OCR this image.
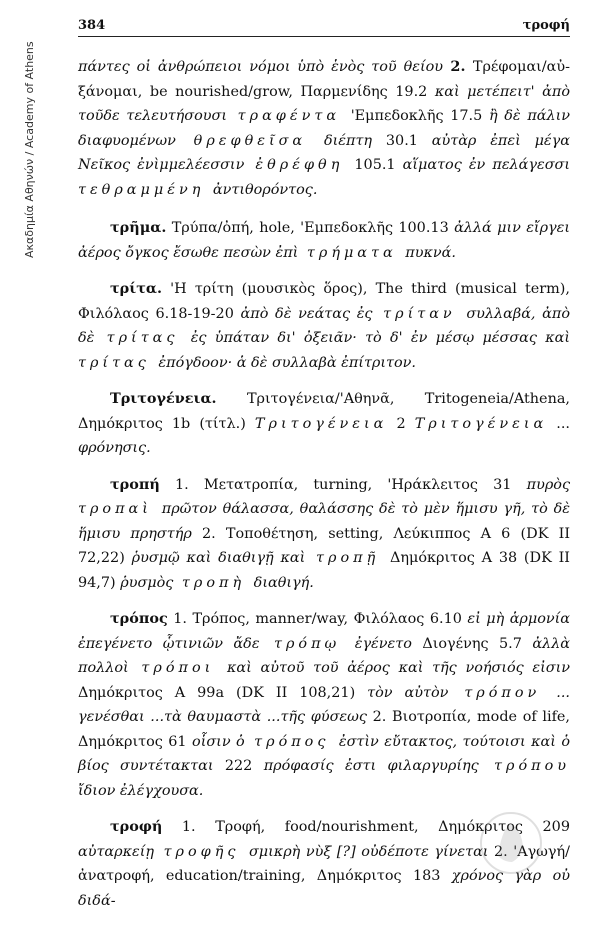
Ακαδημία Αθηνών / Academy of Athens
384	τροφή

πάντες οἱ ἀνθρώπειοι νόμοι ὑπὸ ἑνὸς τοῦ θείου 2. Τρέφομαι/αὐ-ξάνομαι, be nourished/grow, Παρμενίδης 19.2 καὶ μετέπειτ' ἀπὸ τοῦδε τελευτήσουσι τραφέντα 'Εμπεδοκλῆς 17.5 ἢ δὲ πάλιν διαφυομένων θρεφθεῖσα διέπτη 30.1 αὐτὰρ ἐπεὶ μέγα Νεῖκος ἐνὶμμελέεσσιν ἐθρέφθη 105.1 αἵματος ἐν πελάγεσσι τεθραμμένη ἀντιθορόντος.

τρῆμα. Τρύπα/ὀπή, hole, 'Εμπεδοκλῆς 100.13 ἀλλά μιν εἴργει ἀέρος ὄγκος ἔσωθε πεσὼν ἐπὶ τρήματα πυκνά.

τρίτα. 'Η τρίτη (μουσικὸς ὅρος), The third (musical term), Φιλόλαος 6.18-19-20 ἀπὸ δὲ νεάτας ἐς τρίταν συλλαβά, ἀπὸ δὲ τρίτας ἐς ὑπάταν δι' ὀξειᾶν· τὸ δ' ἐν μέσῳ μέσσας καὶ τρίτας ἐπόγδοον· ἁ δὲ συλλαβὰ ἐπίτριτον.

Τριτογένεια. Τριτογένεια/'Αθηνᾶ, Tritogeneia/Athena, Δημόκριτος 1b (τίτλ.) Τριτογένεια 2 Τριτογένεια ... φρόνησις.

τροπή 1. Μετατροπία, turning, 'Ηράκλειτος 31 πυρὸς τροπαὶ πρῶτον θάλασσα, θαλάσσης δὲ τὸ μὲν ἥμισυ γῆ, τὸ δὲ ἥμισυ πρηστήρ 2. Τοποθέτηση, setting, Λεύκιππος A 6 (DK II 72,22) ῥυσμῷ καὶ διαθιγῇ καὶ τροπῇ Δημόκριτος A 38 (DK II 94,7) ῥυσμὸς τροπὴ διαθιγή.

τρόπος 1. Τρόπος, manner/way, Φιλόλαος 6.10 εἰ μὴ ἁρμονία ἐπεγένετο ᾧτινιῶν ἄδε τρόπῳ ἐγένετο Διογένης 5.7 ἀλλὰ πολλοὶ τρόποι καὶ αὐτοῦ τοῦ ἀέρος καὶ τῆς νοήσιός εἰσιν Δημόκριτος A 99a (DK II 108,21) τὸν αὐτὸν τρόπον ... γενέσθαι ...τὰ θαυμαστὰ ...τῆς φύσεως 2. Βιοτροπία, mode of life, Δημόκριτος 61 οἷσιν ὁ τρόπος ἐστὶν εὔτακτος, τούτοισι καὶ ὁ βίος συντέτακται 222 πρόφασίς ἐστι φιλαργυρίης τρόπου ἴδιον ἐλέγχουσα.

τροφή 1. Τροφή, food/nourishment, Δημόκριτος 209 αὐταρκείῃ τροφῆς σμικρὴ νὺξ [?] οὐδέποτε γίνεται 2. 'Αγωγή/ἀνατροφή, education/training, Δημόκριτος 183 χρόνος γὰρ οὐ διδά-
